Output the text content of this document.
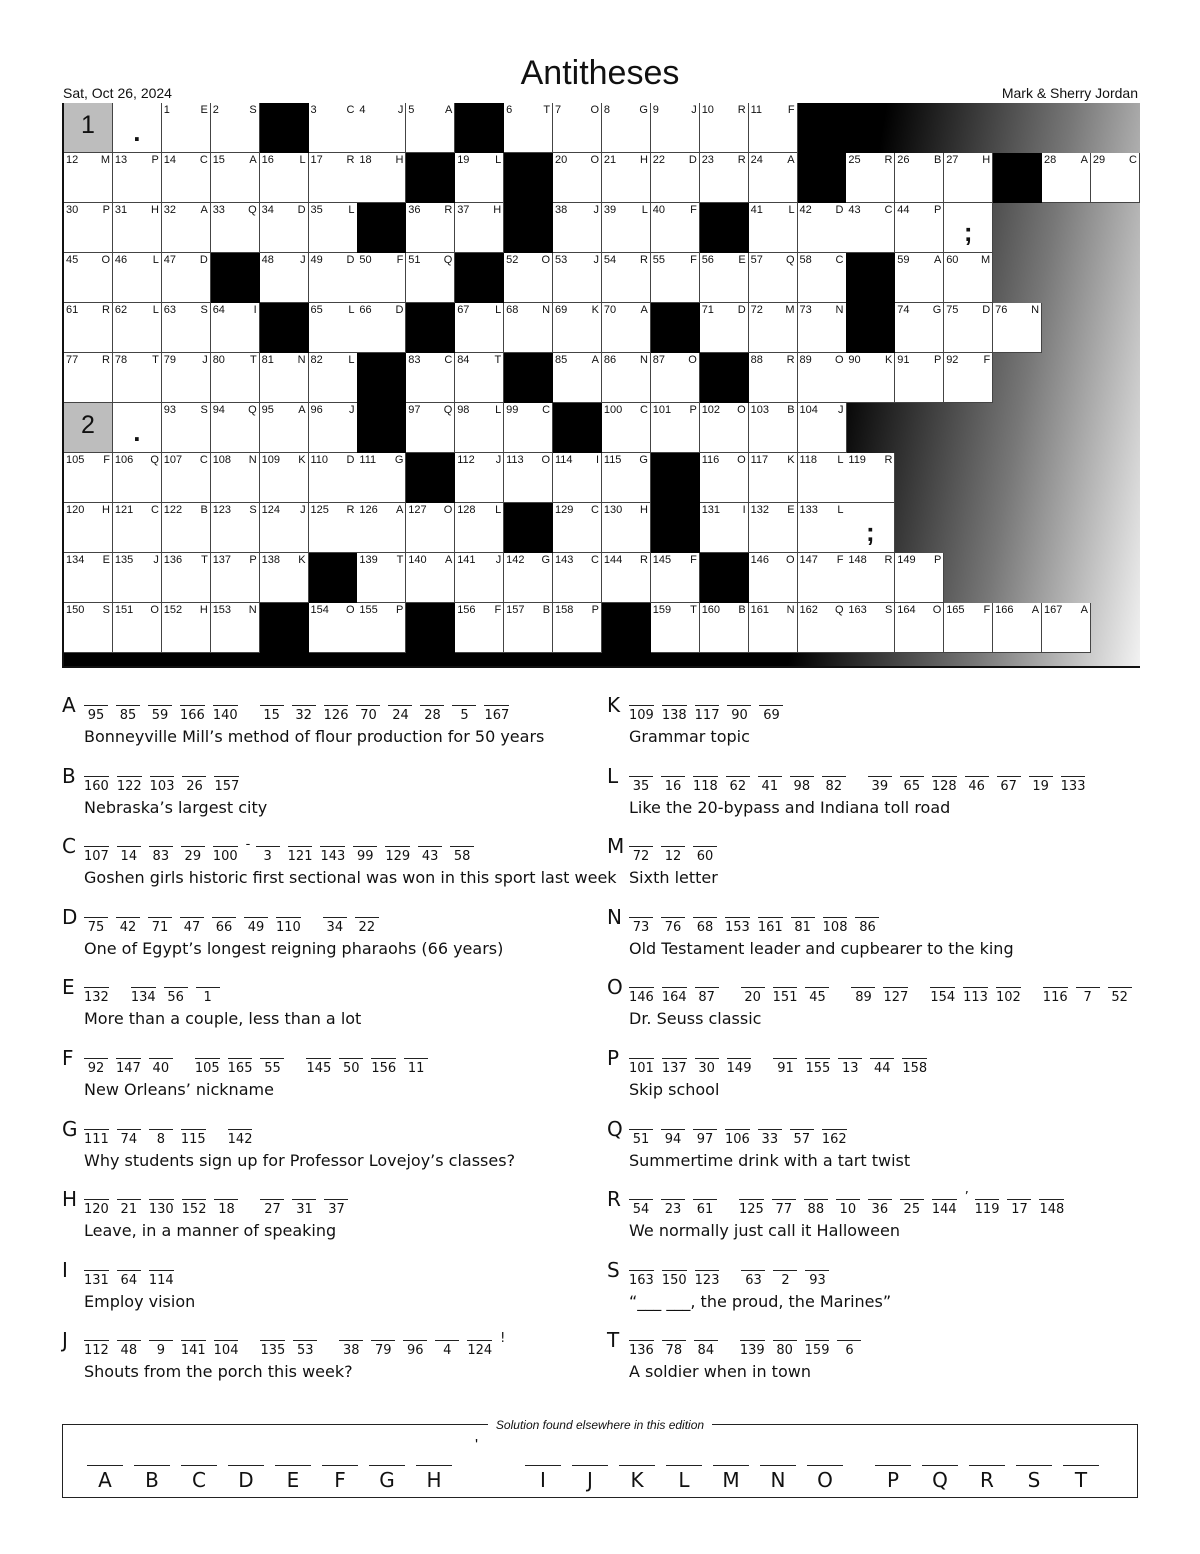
Antitheses
Sat, Oct 26, 2024	Mark & Sherry Jordan
1	.
1	E 2	S	3	C 4	J 5	A	6	T 7	O 8	G 9	J 10 R 11 F
12 M 13 P 14 C 15 A 16 L 17 R 18 H	19 L	20 O 21 H 22 D 23 R 24 A	25 R 26 B 27 H	28 A 29 C
30 P 31 H 32 A 33 Q 34 D 35 L	36 R 37 H	38 J 39 L 40 F	41 L 42 D 43 C 44 P
;
45 O 46 L 47 D	48 J 49 D 50 F 51 Q	52 O 53 J 54 R 55 F 56 E 57 Q 58 C	59 A 60 M
61 R 62 L 63 S 64	I	65 L 66 D	67 L 68 N 69 K 70 A	71 D 72 M 73 N	74 G 75 D 76 N
77 R 78 T 79 J 80 T 81 N 82 L	83 C 84 T	85 A 86 N 87 O	88 R 89 O 90 K 91 P 92 F
2	.
93 S 94 Q 95 A 96 J	97 Q 98 L 99 C	100 C 101 P 102 O 103 B 104 J
105 F 106 Q 107 C 108 N 109 K 110 D 111 G	112 J 113 O 114 I 115 G	116 O 117 K 118 L 119 R
120 H 121 C 122 B 123 S 124 J 125 R 126 A 127 O 128 L	129 C 130 H	131 I 132 E 133 L
;
134 E 135 J 136 T 137 P 138 K	139 T 140 A 141 J 142 G 143 C 144 R 145 F	146 O 147 F 148 R 149 P
150 S 151 O 152 H 153 N	154 O 155 P	156 F 157 B 158 P	159 T 160 B 161 N 162 Q 163 S 164 O 165 F 166 A 167 A
A 95 85 59 166 140 15 32 126 70 24 28 5 167
Bonneyville Mill’s method of flour production for 50 years
K 109 138 117 90 69
Grammar topic
B 160 122 103 26 157
Nebraska’s largest city
L 35 16 118 62 41 98 82 39 65 128 46 67 19 133
Like the 20-bypass and Indiana toll road
C 107 14 83 29 100-3 121 143 99 129 43 58
Goshen girls historic first sectional was won in this sport last week
M 72 12 60
Sixth letter
D 75 42 71 47 66 49 110 34 22
One of Egypt’s longest reigning pharaohs (66 years)
N 73 76 68 153 161 81 108 86
Old Testament leader and cupbearer to the king
E 132 134 56 1
More than a couple, less than a lot
O 146 164 87 20 151 45 89 127 154 113 102 116 7 52
Dr. Seuss classic
F 92 147 40 105 165 55 145 50 156 11
New Orleans’ nickname
P 101 137 30 149 91 155 13 44 158
Skip school
G 111 74 8 115 142
Why students sign up for Professor Lovejoy’s classes?
Q 51 94 97 106 33 57 162
Summertime drink with a tart twist
H 120 21 130 152 18 27 31 37
Leave, in a manner of speaking
R 54 23 61 125 77 88 10 36 25 144’119 17 148
We normally just call it Halloween
I 131 64 114
Employ vision
S 163 150 123 63 2 93
“___ ___, the proud, the Marines”
J 112 48 9 141 104 135 53 38 79 96 4 124!
Shouts from the porch this week?
T 136 78 84 139 80 159 6
A soldier when in town
Solution found elsewhere in this edition
'
A	B	C	D	E	F	G	H	I	J	K	L	M	N	O	P	Q	R	S	T
